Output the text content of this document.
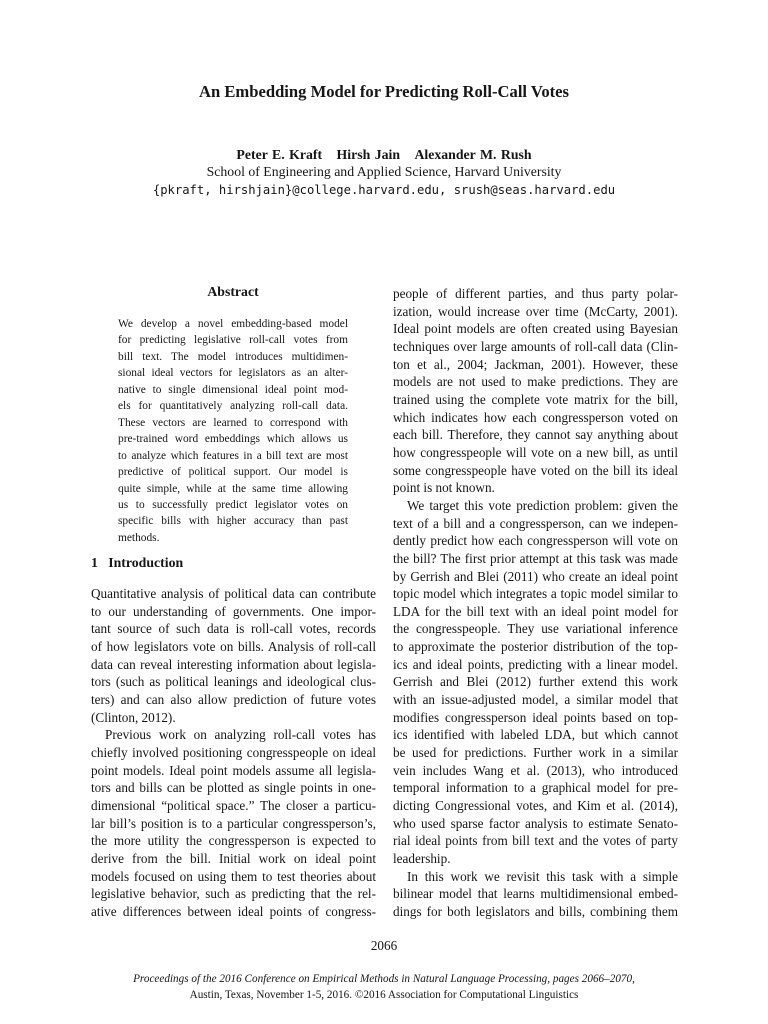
An Embedding Model for Predicting Roll-Call Votes
Peter E. Kraft Hirsh Jain Alexander M. Rush
School of Engineering and Applied Science, Harvard University
{pkraft, hirshjain}@college.harvard.edu, srush@seas.harvard.edu
Abstract
We develop a novel embedding-based model
for predicting legislative roll-call votes from
bill text. The model introduces multidimen-
sional ideal vectors for legislators as an alter-
native to single dimensional ideal point mod-
els for quantitatively analyzing roll-call data.
These vectors are learned to correspond with
pre-trained word embeddings which allows us
to analyze which features in a bill text are most
predictive of political support. Our model is
quite simple, while at the same time allowing
us to successfully predict legislator votes on
specific bills with higher accuracy than past
methods.
1 Introduction
Quantitative analysis of political data can contribute
to our understanding of governments. One impor-
tant source of such data is roll-call votes, records
of how legislators vote on bills. Analysis of roll-call
data can reveal interesting information about legisla-
tors (such as political leanings and ideological clus-
ters) and can also allow prediction of future votes
(Clinton, 2012).
Previous work on analyzing roll-call votes has
chiefly involved positioning congresspeople on ideal
point models. Ideal point models assume all legisla-
tors and bills can be plotted as single points in one-
dimensional “political space.” The closer a particu-
lar bill’s position is to a particular congressperson’s,
the more utility the congressperson is expected to
derive from the bill. Initial work on ideal point
models focused on using them to test theories about
legislative behavior, such as predicting that the rel-
ative differences between ideal points of congress-
people of different parties, and thus party polar-
ization, would increase over time (McCarty, 2001).
Ideal point models are often created using Bayesian
techniques over large amounts of roll-call data (Clin-
ton et al., 2004; Jackman, 2001). However, these
models are not used to make predictions. They are
trained using the complete vote matrix for the bill,
which indicates how each congressperson voted on
each bill. Therefore, they cannot say anything about
how congresspeople will vote on a new bill, as until
some congresspeople have voted on the bill its ideal
point is not known.
We target this vote prediction problem: given the
text of a bill and a congressperson, can we indepen-
dently predict how each congressperson will vote on
the bill? The first prior attempt at this task was made
by Gerrish and Blei (2011) who create an ideal point
topic model which integrates a topic model similar to
LDA for the bill text with an ideal point model for
the congresspeople. They use variational inference
to approximate the posterior distribution of the top-
ics and ideal points, predicting with a linear model.
Gerrish and Blei (2012) further extend this work
with an issue-adjusted model, a similar model that
modifies congressperson ideal points based on top-
ics identified with labeled LDA, but which cannot
be used for predictions. Further work in a similar
vein includes Wang et al. (2013), who introduced
temporal information to a graphical model for pre-
dicting Congressional votes, and Kim et al. (2014),
who used sparse factor analysis to estimate Senato-
rial ideal points from bill text and the votes of party
leadership.
In this work we revisit this task with a simple
bilinear model that learns multidimensional embed-
dings for both legislators and bills, combining them
2066
Proceedings of the 2016 Conference on Empirical Methods in Natural Language Processing, pages 2066–2070,
Austin, Texas, November 1-5, 2016. ©2016 Association for Computational Linguistics
